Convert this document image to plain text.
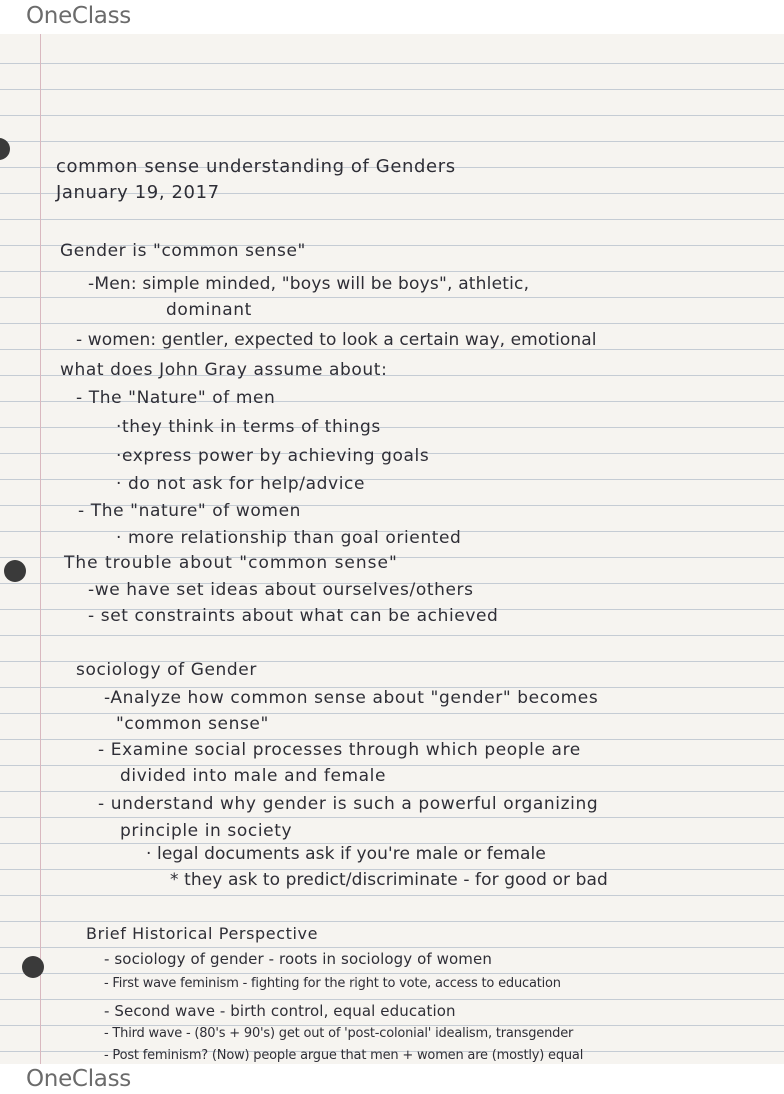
OneClass
common sense understanding of Genders
January 19, 2017
Gender is "common sense"
-Men: simple minded, "boys will be boys", athletic,
dominant
- women: gentler, expected to look a certain way, emotional
what does John Gray assume about:
- The "Nature" of men
·they think in terms of things
·express power by achieving goals
· do not ask for help/advice
- The "nature" of women
· more relationship than goal oriented
The trouble about "common sense"
-we have set ideas about ourselves/others
- set constraints about what can be achieved
sociology of Gender
-Analyze how common sense about "gender" becomes
"common sense"
- Examine social processes through which people are
divided into male and female
- understand why gender is such a powerful organizing
principle in society
· legal documents ask if you're male or female
* they ask to predict/discriminate - for good or bad
Brief Historical Perspective
- sociology of gender - roots in sociology of women
- First wave feminism - fighting for the right to vote, access to education
- Second wave - birth control, equal education
- Third wave - (80's + 90's) get out of 'post-colonial' idealism, transgender
- Post feminism? (Now) people argue that men + women are (mostly) equal
OneClass
